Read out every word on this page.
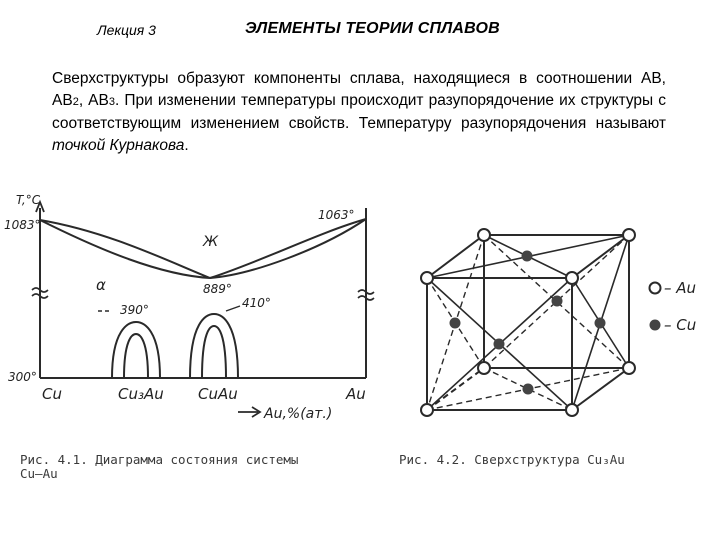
Лекция 3	ЭЛЕМЕНТЫ ТЕОРИИ СПЛАВОВ
Сверхструктуры образуют компоненты сплава, находящиеся в соотношении АВ, АВ2, АВ3. При изменении температуры происходит разупорядочение их структуры с соответствующим изменением свойств. Температуру разупорядочения называют точкой Курнакова.
T,°C
1083°
1063°
300°
Ж
α	889°
390°	410°
Cu	Cu₃Au CuAu	Au
Au,%(ат.)
– Au
– Cu
Рис. 4.1. Диаграмма состояния системы
Cu—Au
Рис. 4.2. Сверхструктура Cu₃Au
